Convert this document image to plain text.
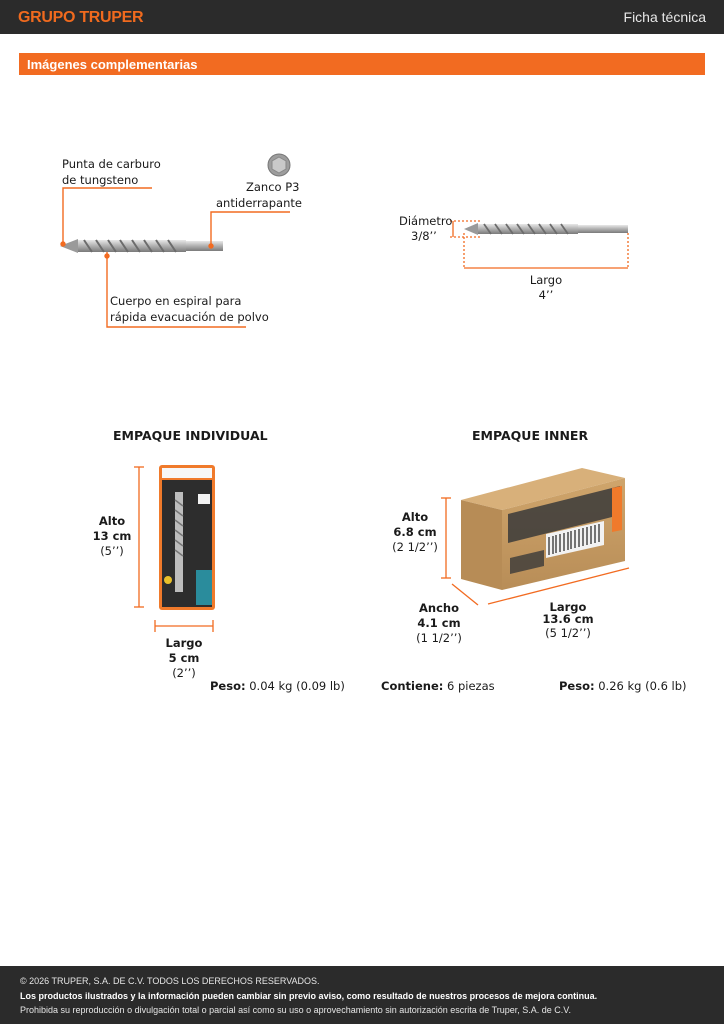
GRUPO TRUPER	Ficha técnica
Imágenes complementarias
Punta de carburo
de tungsteno	Zanco P3
antiderrapante
Cuerpo en espiral para
rápida evacuación de polvo
Diámetro
3/8’’
Largo
4’’
EMPAQUE INDIVIDUAL
Alto
13 cm
(5’’)
Largo
5 cm
(2’’)
Peso: 0.04 kg (0.09 lb)
EMPAQUE INNER
Alto
6.8 cm
(2 1/2’’)
Ancho
4.1 cm
(1 1/2’’)
Largo
13.6 cm
(5 1/2’’)
Contiene: 6 piezas	Peso: 0.26 kg (0.6 lb)
© 2026 TRUPER, S.A. DE C.V. TODOS LOS DERECHOS RESERVADOS.
Los productos ilustrados y la información pueden cambiar sin previo aviso, como resultado de nuestros procesos de mejora continua.
Prohibida su reproducción o divulgación total o parcial así como su uso o aprovechamiento sin autorización escrita de Truper, S.A. de C.V.
